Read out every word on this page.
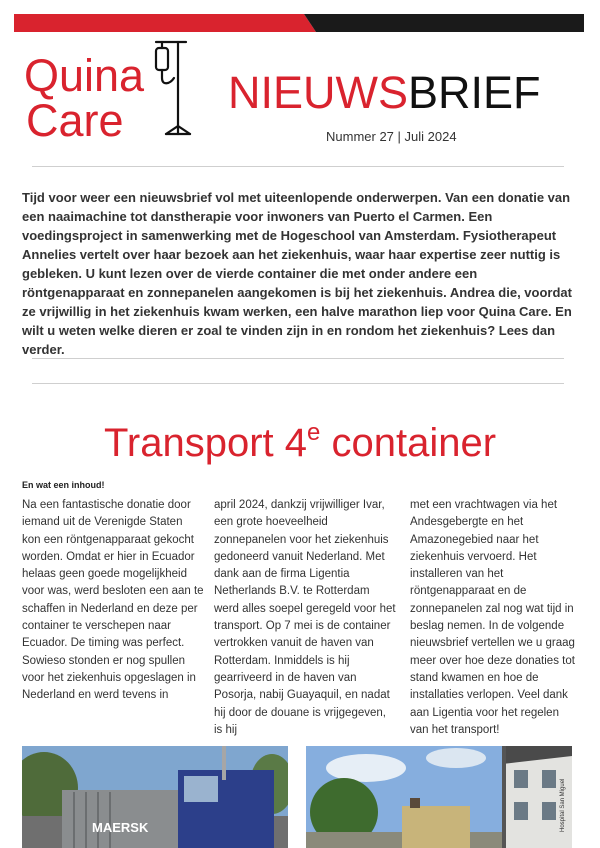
Quina
Care
NIEUWSBRIEF
Nummer 27 | Juli 2024

Tijd voor weer een nieuwsbrief vol met uiteenlopende onderwerpen. Van een donatie van een naaimachine tot danstherapie voor inwoners van Puerto el Carmen. Een voedingsproject in samenwerking met de Hogeschool van Amsterdam. Fysiotherapeut Annelies vertelt over haar bezoek aan het ziekenhuis, waar haar expertise zeer nuttig is gebleken. U kunt lezen over de vierde container die met onder andere een röntgenapparaat en zonnepanelen aangekomen is bij het ziekenhuis. Andrea die, voordat ze vrijwillig in het ziekenhuis kwam werken, een halve marathon liep voor Quina Care. En wilt u weten welke dieren er zoal te vinden zijn in en rondom het ziekenhuis? Lees dan verder.

Transport 4e container
En wat een inhoud!

Na een fantastische donatie door iemand uit de Verenigde Staten kon een röntgenapparaat gekocht worden. Omdat er hier in Ecuador helaas geen goede mogelijkheid voor was, werd besloten een aan te schaffen in Nederland en deze per container te verschepen naar Ecuador. De timing was perfect. Sowieso stonden er nog spullen voor het ziekenhuis opgeslagen in Nederland en werd tevens in

april 2024, dankzij vrijwilliger Ivar, een grote hoeveelheid zonnepanelen voor het ziekenhuis gedoneerd vanuit Nederland. Met dank aan de firma Ligentia Netherlands B.V. te Rotterdam werd alles soepel geregeld voor het transport. Op 7 mei is de container vertrokken vanuit de haven van Rotterdam. Inmiddels is hij gearriveerd in de haven van Posorja, nabij Guayaquil, en nadat hij door de douane is vrijgegeven, is hij

met een vrachtwagen via het Andesgebergte en het Amazonegebied naar het ziekenhuis vervoerd. Het installeren van het röntgenapparaat en de zonnepanelen zal nog wat tijd in beslag nemen. In de volgende nieuwsbrief vertellen we u graag meer over hoe deze donaties tot stand kwamen en hoe de installaties verlopen. Veel dank aan Ligentia voor het regelen van het transport!

MAERSK	Hospital San Miguel
